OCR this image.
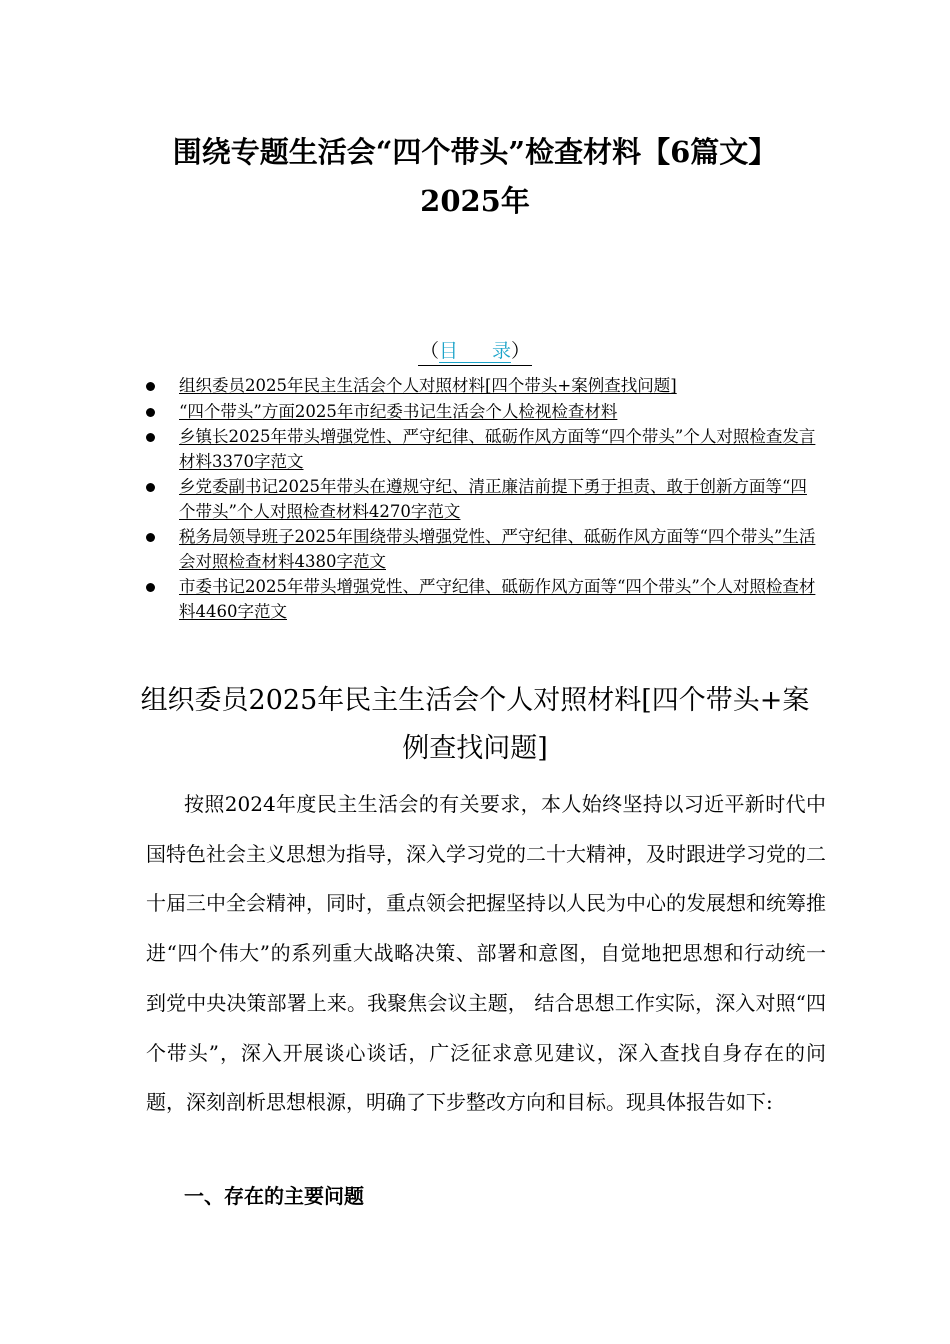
围绕专题生活会“四个带头”检查材料【6篇文】2025年
（目 录）
组织委员2025年民主生活会个人对照材料[四个带头+案例查找问题]
“四个带头”方面2025年市纪委书记生活会个人检视检查材料
乡镇长2025年带头增强党性、严守纪律、砥砺作风方面等“四个带头”个人对照检查发言材料3370字范文
乡党委副书记2025年带头在遵规守纪、清正廉洁前提下勇于担责、敢于创新方面等“四个带头”个人对照检查材料4270字范文
税务局领导班子2025年围绕带头增强党性、严守纪律、砥砺作风方面等“四个带头”生活会对照检查材料4380字范文
市委书记2025年带头增强党性、严守纪律、砥砺作风方面等“四个带头”个人对照检查材料4460字范文
组织委员2025年民主生活会个人对照材料[四个带头+案例查找问题]

按照2024年度民主生活会的有关要求，本人始终坚持以习近平新时代中国特色社会主义思想为指导，深入学习党的二十大精神，及时跟进学习党的二十届三中全会精神，同时，重点领会把握坚持以人民为中心的发展想和统筹推进“四个伟大”的系列重大战略决策、部署和意图，自觉地把思想和行动统一到党中央决策部署上来。我聚焦会议主题， 结合思想工作实际，深入对照“四个带头”，深入开展谈心谈话，广泛征求意见建议，深入查找自身存在的问题，深刻剖析思想根源，明确了下步整改方向和目标。现具体报告如下:

一、存在的主要问题
